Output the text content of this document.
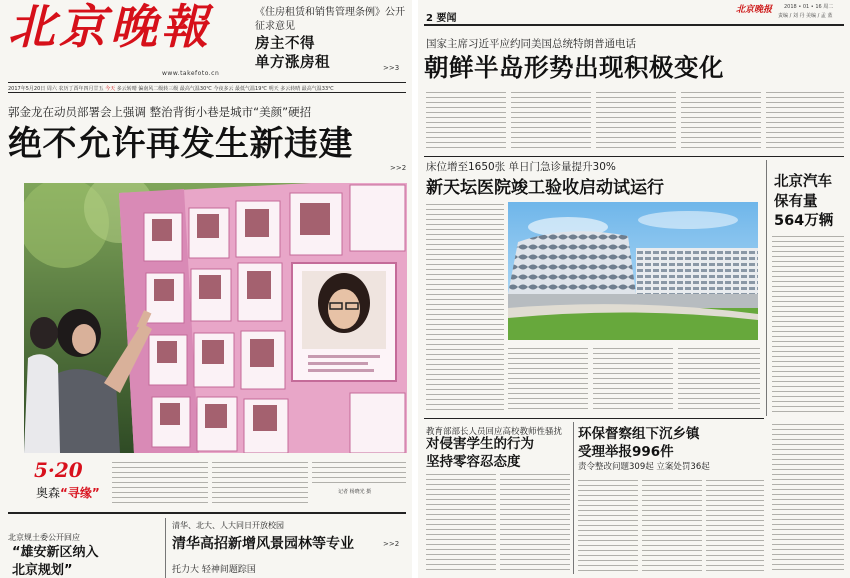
北京晚報
www.takefoto.cn
《住房租赁和销售管理条例》公开征求意见
房主不得
单方涨房租	>>3
2017年5月20日 周六 农历丁酉年四月廿五 今天 多云转晴 偏南风二级转三级 最高气温30℃ 今夜多云 最低气温19℃ 明天 多云转晴 最高气温33℃
郭金龙在动员部署会上强调 整治背街小巷是城市“美颜”硬招
绝不允许再发生新违建
>>2
5·20
奥森“寻缘”	记者 杨晓光 摄
北京规土委公开回应
“雄安新区纳入
北京规划”
清华、北大、人大同日开放校园
清华高招新增风景园林等专业	>>2
托力大 轻神间题踪国
2 要闻
北京晚报 2018 • 01 • 16 周二
责编 / 刘 丹 美编 / 孟 蓝
国家主席习近平应约同美国总统特朗普通电话
朝鲜半岛形势出现积极变化
床位增至1650张 单日门急诊量提升30%
新天坛医院竣工验收启动试运行	北京汽车
保有量
564万辆
教育部部长人员回应高校教师性骚扰
对侵害学生的行为
坚持零容忍态度
环保督察组下沉乡镇
受理举报996件
责令整改问题309起 立案处罚36起
